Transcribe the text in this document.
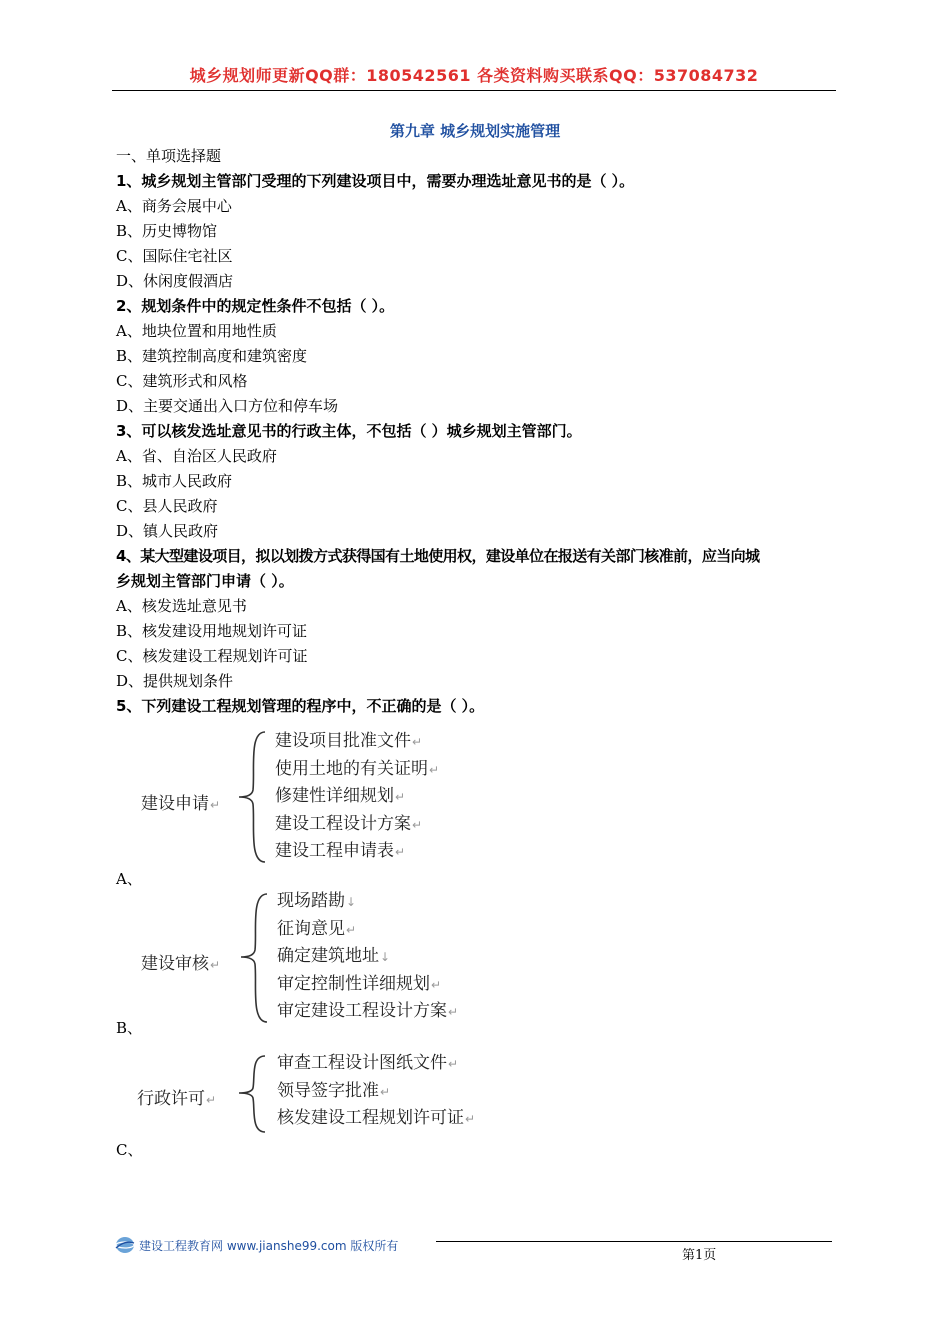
城乡规划师更新QQ群：180542561 各类资料购买联系QQ：537084732
第九章 城乡规划实施管理
一、单项选择题
1、城乡规划主管部门受理的下列建设项目中，需要办理选址意见书的是（ ）。
A、商务会展中心
B、历史博物馆
C、国际住宅社区
D、休闲度假酒店
2、规划条件中的规定性条件不包括（ ）。
A、地块位置和用地性质
B、建筑控制高度和建筑密度
C、建筑形式和风格
D、主要交通出入口方位和停车场
3、可以核发选址意见书的行政主体，不包括（ ）城乡规划主管部门。
A、省、自治区人民政府
B、城市人民政府
C、县人民政府
D、镇人民政府
4、某大型建设项目，拟以划拨方式获得国有土地使用权，建设单位在报送有关部门核准前，应当向城
乡规划主管部门申请（ ）。
A、核发选址意见书
B、核发建设用地规划许可证
C、核发建设工程规划许可证
D、提供规划条件
5、下列建设工程规划管理的程序中，不正确的是（ ）。
建设申请↵
建设项目批准文件↵
使用土地的有关证明↵
修建性详细规划↵
建设工程设计方案↵
建设工程申请表↵
A、
建设审核↵
现场踏勘↓
征询意见↵
确定建筑地址↓
审定控制性详细规划↵
审定建设工程设计方案↵
B、
行政许可↵
审查工程设计图纸文件↵
领导签字批准↵
核发建设工程规划许可证↵
C、
建设工程教育网 www.jianshe99.com 版权所有
第1页
